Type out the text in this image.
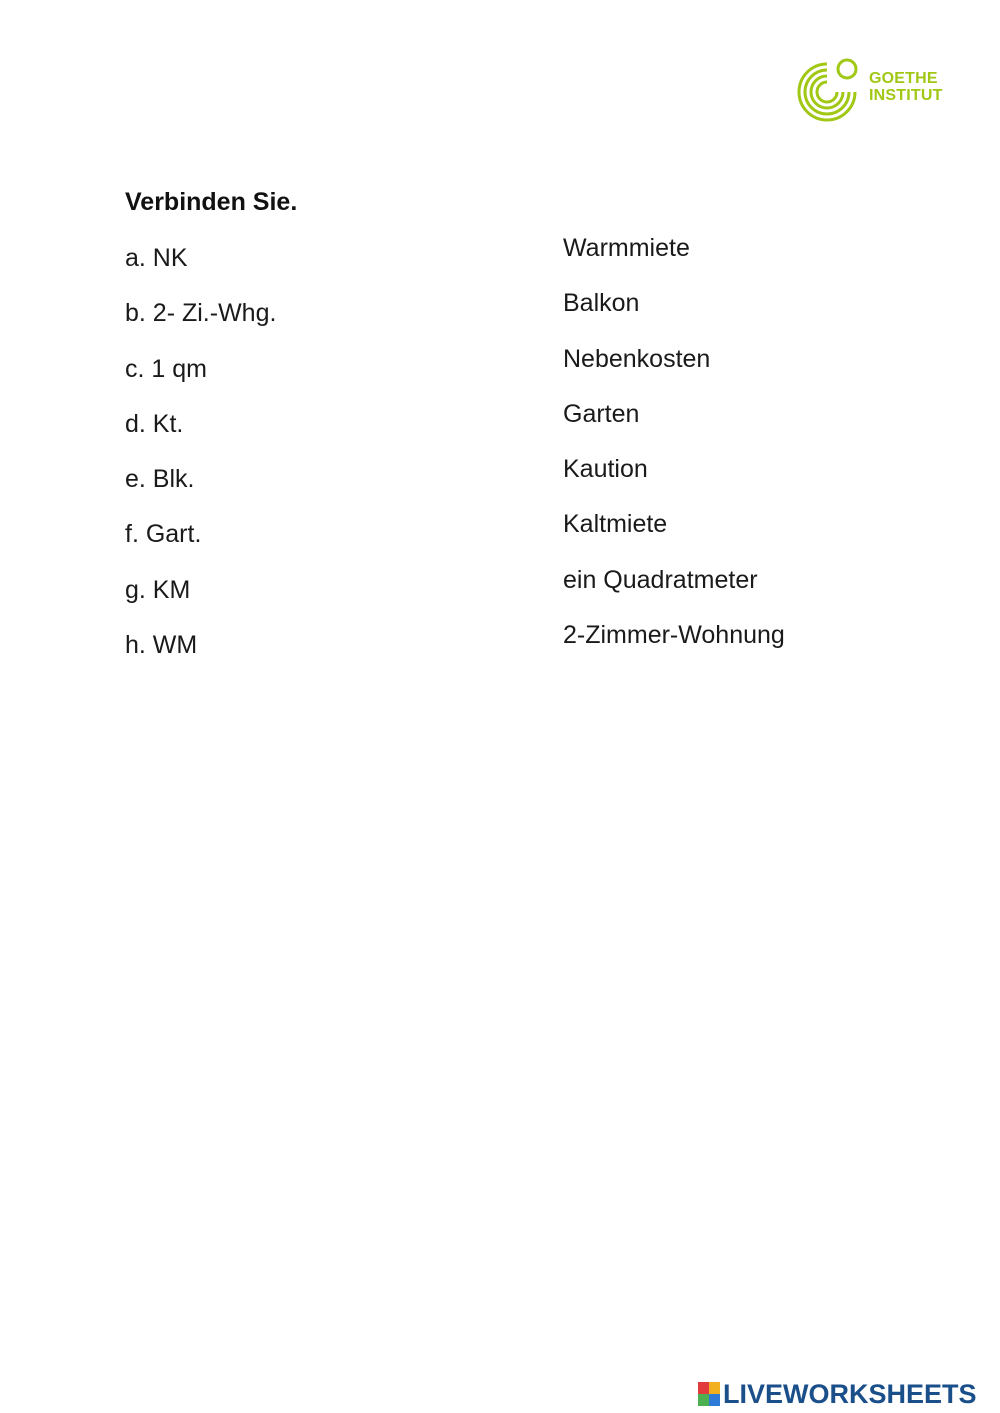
GOETHE
INSTITUT
Verbinden Sie.
a. NK
b. 2- Zi.-Whg.
c. 1 qm
d. Kt.
e. Blk.
f. Gart.
g. KM
h. WM
Warmmiete
Balkon
Nebenkosten
Garten
Kaution
Kaltmiete
ein Quadratmeter
2-Zimmer-Wohnung
LIVEWORKSHEETS
